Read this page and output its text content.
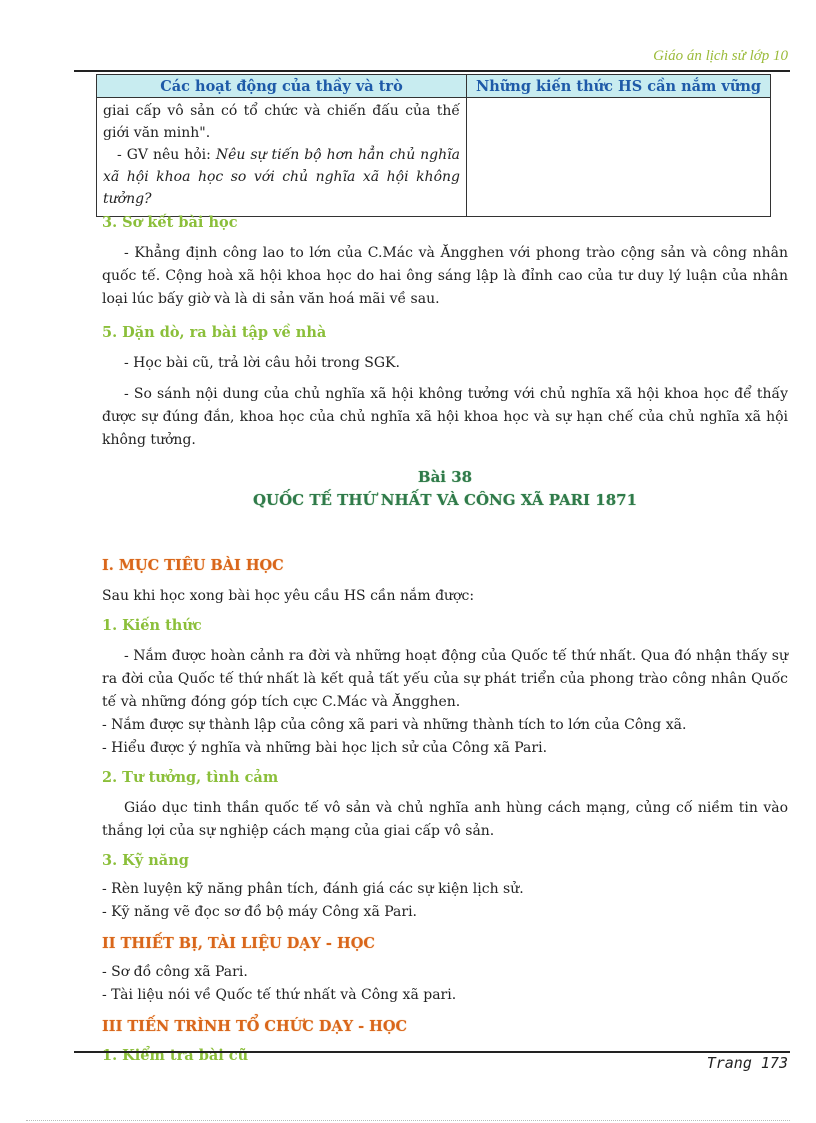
Giáo án lịch sử lớp 10
Các hoạt động của thầy và trò	Những kiến thức HS cần nắm vững

giai cấp vô sản có tổ chức và chiến đấu của thế giới văn minh".
- GV nêu hỏi: Nêu sự tiến bộ hơn hẳn chủ nghĩa xã hội khoa học so với chủ nghĩa xã hội không tưởng?	

3. Sơ kết bài học

- Khẳng định công lao to lớn của C.Mác và Ăngghen với phong trào cộng sản và công nhân quốc tế. Cộng hoà xã hội khoa học do hai ông sáng lập là đỉnh cao của tư duy lý luận của nhân loại lúc bấy giờ và là di sản văn hoá mãi về sau.

5. Dặn dò, ra bài tập về nhà

- Học bài cũ, trả lời câu hỏi trong SGK.

- So sánh nội dung của chủ nghĩa xã hội không tưởng với chủ nghĩa xã hội khoa học để thấy được sự đúng đắn, khoa học của chủ nghĩa xã hội khoa học và sự hạn chế của chủ nghĩa xã hội không tưởng.

Bài 38

QUỐC TẾ THỨ NHẤT VÀ CÔNG XÃ PARI 1871

I. MỤC TIÊU BÀI HỌC

Sau khi học xong bài học yêu cầu HS cần nắm được:

1. Kiến thức

- Nắm được hoàn cảnh ra đời và những hoạt động của Quốc tế thứ nhất. Qua đó nhận thấy sự ra đời của Quốc tế thứ nhất là kết quả tất yếu của sự phát triển của phong trào công nhân Quốc tế và những đóng góp tích cực C.Mác và Ăngghen.

- Nắm được sự thành lập của công xã pari và những thành tích to lớn của Công xã.

- Hiểu được ý nghĩa và những bài học lịch sử của Công xã Pari.

2. Tư tưởng, tình cảm

Giáo dục tinh thần quốc tế vô sản và chủ nghĩa anh hùng cách mạng, củng cố niềm tin vào thắng lợi của sự nghiệp cách mạng của giai cấp vô sản.

3. Kỹ năng

- Rèn luyện kỹ năng phân tích, đánh giá các sự kiện lịch sử.

- Kỹ năng vẽ đọc sơ đồ bộ máy Công xã Pari.

II THIẾT BỊ, TÀI LIỆU DẠY - HỌC

- Sơ đồ công xã Pari.

- Tài liệu nói về Quốc tế thứ nhất và Công xã pari.

III TIẾN TRÌNH TỔ CHỨC DẠY - HỌC

1. Kiểm tra bài cũ	Trang 173
